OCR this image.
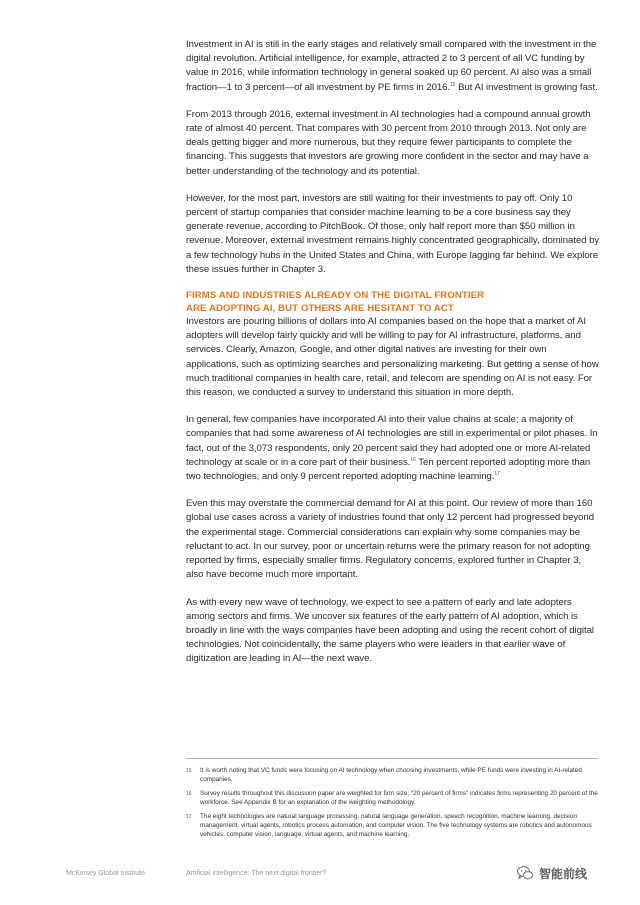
Investment in AI is still in the early stages and relatively small compared with the investment in the digital revolution. Artificial intelligence, for example, attracted 2 to 3 percent of all VC funding by value in 2016, while information technology in general soaked up 60 percent. AI also was a small fraction—1 to 3 percent—of all investment by PE firms in 2016.15 But AI investment is growing fast.

From 2013 through 2016, external investment in AI technologies had a compound annual growth rate of almost 40 percent. That compares with 30 percent from 2010 through 2013. Not only are deals getting bigger and more numerous, but they require fewer participants to complete the financing. This suggests that investors are growing more confident in the sector and may have a better understanding of the technology and its potential.

However, for the most part, investors are still waiting for their investments to pay off. Only 10 percent of startup companies that consider machine learning to be a core business say they generate revenue, according to PitchBook. Of those, only half report more than $50 million in revenue. Moreover, external investment remains highly concentrated geographically, dominated by a few technology hubs in the United States and China, with Europe lagging far behind. We explore these issues further in Chapter 3.

FIRMS AND INDUSTRIES ALREADY ON THE DIGITAL FRONTIER
ARE ADOPTING AI, BUT OTHERS ARE HESITANT TO ACT

Investors are pouring billions of dollars into AI companies based on the hope that a market of AI adopters will develop fairly quickly and will be willing to pay for AI infrastructure, platforms, and services. Clearly, Amazon, Google, and other digital natives are investing for their own applications, such as optimizing searches and personalizing marketing. But getting a sense of how much traditional companies in health care, retail, and telecom are spending on AI is not easy. For this reason, we conducted a survey to understand this situation in more depth.

In general, few companies have incorporated AI into their value chains at scale; a majority of companies that had some awareness of AI technologies are still in experimental or pilot phases. In fact, out of the 3,073 respondents, only 20 percent said they had adopted one or more AI-related technology at scale or in a core part of their business.$^{16}$ Ten percent reported adopting more than two technologies, and only 9 percent reported adopting machine learning.$^{17}$

Even this may overstate the commercial demand for AI at this point. Our review of more than 160 global use cases across a variety of industries found that only 12 percent had progressed beyond the experimental stage. Commercial considerations can explain why some companies may be reluctant to act. In our survey, poor or uncertain returns were the primary reason for not adopting reported by firms, especially smaller firms. Regulatory concerns, explored further in Chapter 3, also have become much more important.

As with every new wave of technology, we expect to see a pattern of early and late adopters among sectors and firms. We uncover six features of the early pattern of AI adoption, which is broadly in line with the ways companies have been adopting and using the recent cohort of digital technologies. Not coincidentally, the same players who were leaders in that earlier wave of digitization are leading in AI—the next wave.

15	It is worth noting that VC funds were focusing on AI technology when choosing investments, while PE funds were investing in AI-related companies.
16	Survey results throughout this discussion paper are weighted for firm size; “20 percent of firms” indicates firms representing 20 percent of the workforce. See Appendix B for an explanation of the weighting methodology.
17	The eight technologies are natural language processing, natural language generation, speech recognition, machine learning, decision management, virtual agents, robotics process automation, and computer vision. The five technology systems are robotics and autonomous vehicles, computer vision, language, virtual agents, and machine learning.
McKinsey Global Institute	Artificial intelligence: The next digital frontier?	智能前线
